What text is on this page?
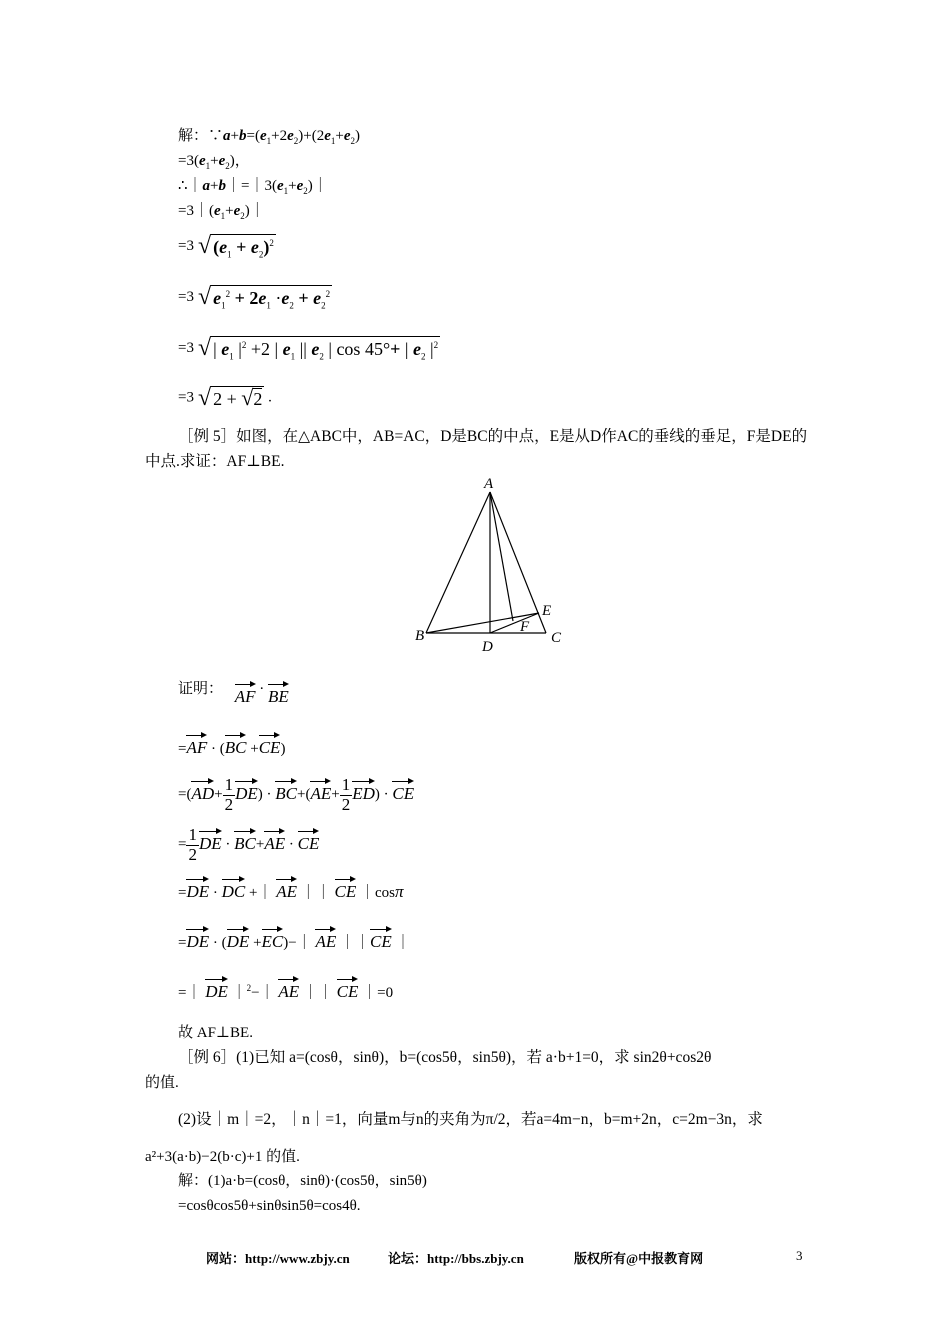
解：$\because a+b=(e_1+2e_2)+(2e_1+e_2)$
$=3(e_1+e_2)$，
$\therefore|a+b|=|3(e_1+e_2)|$
$=3|(e_1+e_2)|$
=3 √ $(e_1 + e_2)^2$
=3 √ $e_1^2 + 2e_1 \cdot e_2 + e_2^2$
=3 √ | $e_1$ $|^2 +2$ | $e_1$ || $e_2$ | cos 45°+ | $e_2$ $|^2$
=3 √ 2 + √2 .
［例 5］如图，在△ABC中，AB=AC，D是BC的中点，E是从D作AC的垂线的垂足，F是DE的
中点.求证：AF⊥BE.
A
B	C
D
E
F
证明： AF · BE
=AF · (BC +CE)
$=(AD+ \frac{1}{2} DE) \cdot BC+(AE+ \frac{1}{2} ED)$ · CE
= $\frac{1}{2}$ DE · BC+AE · CE
=DE · DC +｜ AE ｜｜ CE ｜cosπ
=DE · (DE +EC)−｜ AE ｜｜CE ｜
=｜ DE ｜$^2$−｜ AE ｜｜ CE ｜=0
故 AF⊥BE.
［例 6］(1)已知 a=(cosθ，sinθ)，b=(cos5θ，sin5θ)，若 a·b+1=0，求 sin2θ+cos2θ
的值.
(2)设｜m｜=2，｜n｜=1，向量m与n的夹角为π/2，若a=4m−n，b=m+2n，c=2m−3n，求
a²+3(a·b)−2(b·c)+1 的值.
解：(1)a·b=(cosθ，sinθ)·(cos5θ，sin5θ)
=cosθcos5θ+sinθsin5θ=cos4θ.
网站：http://www.zbjy.cn	论坛：http://bbs.zbjy.cn	版权所有@中报教育网	3
